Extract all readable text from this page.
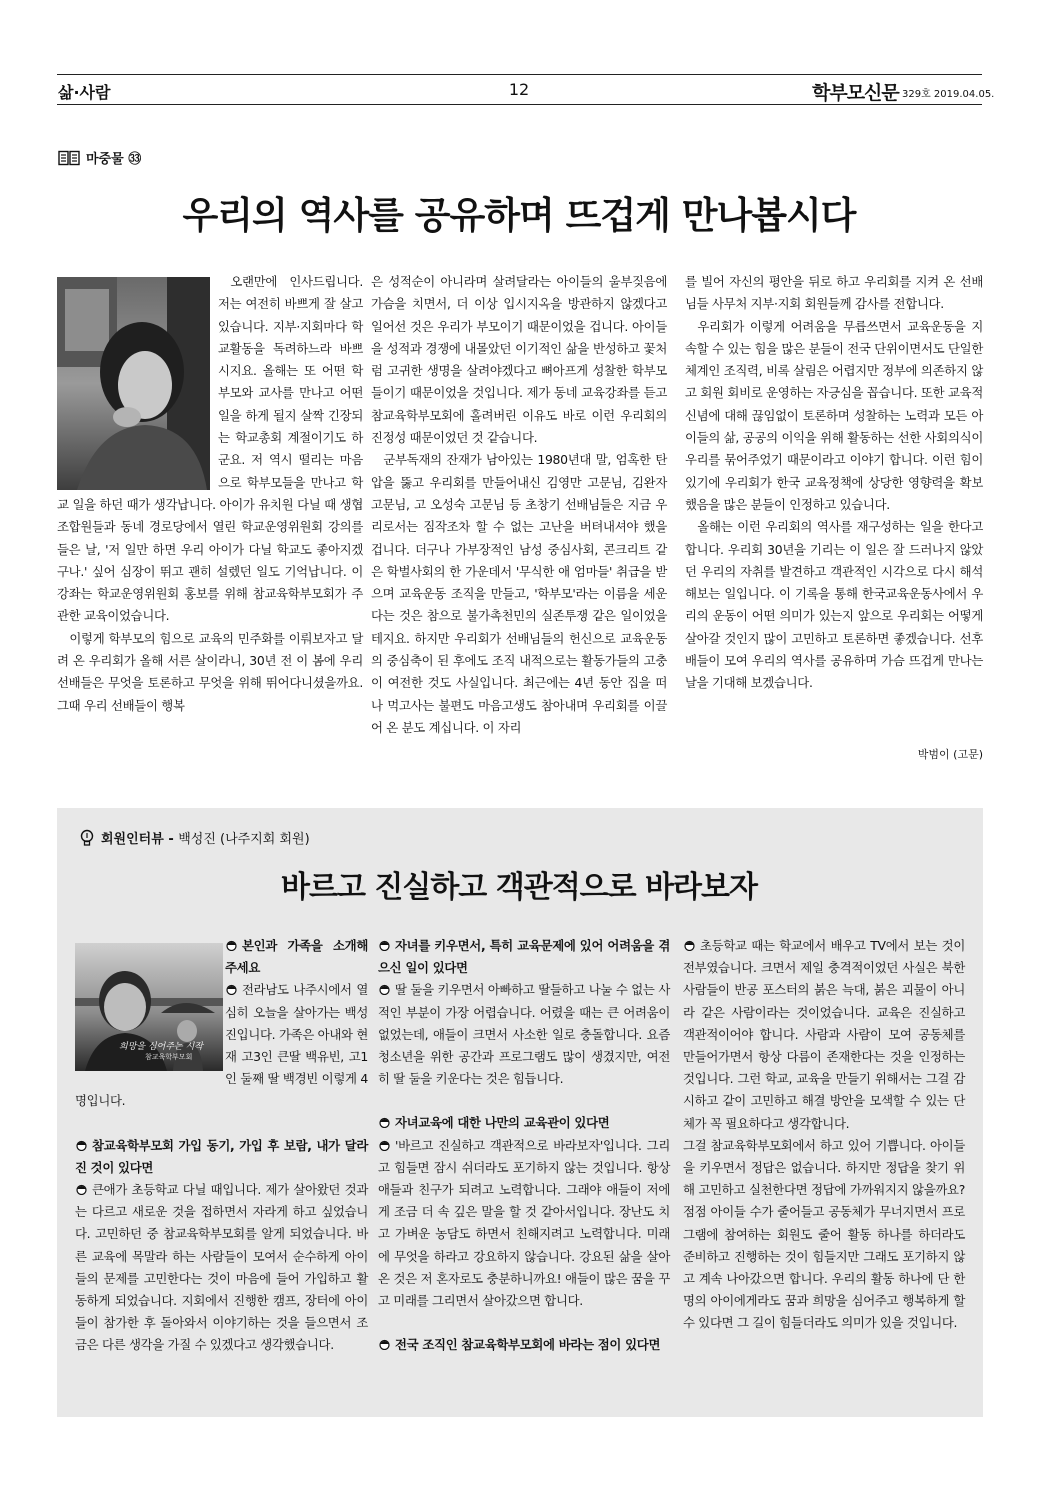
삶·사람	12	학부모신문 329호 2019.04.05.
마중물 ㉝
우리의 역사를 공유하며 뜨겁게 만나봅시다

오랜만에 인사드립니다. 저는 여전히 바쁘게 잘 살고 있습니다. 지부·지회마다 학교활동을 독려하느라 바쁘시지요. 올해는 또 어떤 학부모와 교사를 만나고 어떤 일을 하게 될지 살짝 긴장되는 학교총회 계절이기도 하군요. 저 역시 떨리는 마음으로 학부모들을 만나고 학교 일을 하던 때가 생각납니다. 아이가 유치원 다닐 때 생협 조합원들과 동네 경로당에서 열린 학교운영위원회 강의를 들은 날, '저 일만 하면 우리 아이가 다닐 학교도 좋아지겠구나.' 싶어 심장이 뛰고 괜히 설렜던 일도 기억납니다. 이 강좌는 학교운영위원회 홍보를 위해 참교육학부모회가 주관한 교육이었습니다.

이렇게 학부모의 힘으로 교육의 민주화를 이뤄보자고 달려 온 우리회가 올해 서른 살이라니, 30년 전 이 봄에 우리 선배들은 무엇을 토론하고 무엇을 위해 뛰어다니셨을까요. 그때 우리 선배들이 행복

은 성적순이 아니라며 살려달라는 아이들의 울부짖음에 가슴을 치면서, 더 이상 입시지옥을 방관하지 않겠다고 일어선 것은 우리가 부모이기 때문이었을 겁니다. 아이들을 성적과 경쟁에 내몰았던 이기적인 삶을 반성하고 꽃처럼 고귀한 생명을 살려야겠다고 뼈아프게 성찰한 학부모들이기 때문이었을 것입니다. 제가 동네 교육강좌를 듣고 참교육학부모회에 홀려버린 이유도 바로 이런 우리회의 진정성 때문이었던 것 같습니다.

군부독재의 잔재가 남아있는 1980년대 말, 엄혹한 탄압을 뚫고 우리회를 만들어내신 김영만 고문님, 김완자 고문님, 고 오성숙 고문님 등 초창기 선배님들은 지금 우리로서는 짐작조차 할 수 없는 고난을 버텨내셔야 했을 겁니다. 더구나 가부장적인 남성 중심사회, 콘크리트 같은 학벌사회의 한 가운데서 '무식한 애 엄마들' 취급을 받으며 교육운동 조직을 만들고, '학부모'라는 이름을 세운다는 것은 참으로 불가촉천민의 실존투쟁 같은 일이었을 테지요. 하지만 우리회가 선배님들의 헌신으로 교육운동의 중심축이 된 후에도 조직 내적으로는 활동가들의 고충이 여전한 것도 사실입니다. 최근에는 4년 동안 집을 떠나 먹고사는 불편도 마음고생도 참아내며 우리회를 이끌어 온 분도 계십니다. 이 자리

를 빌어 자신의 평안을 뒤로 하고 우리회를 지켜 온 선배님들 사무처 지부·지회 회원들께 감사를 전합니다.

우리회가 이렇게 어려움을 무릅쓰면서 교육운동을 지속할 수 있는 힘을 많은 분들이 전국 단위이면서도 단일한 체계인 조직력, 비록 살림은 어렵지만 정부에 의존하지 않고 회원 회비로 운영하는 자긍심을 꼽습니다. 또한 교육적 신념에 대해 끊임없이 토론하며 성찰하는 노력과 모든 아이들의 삶, 공공의 이익을 위해 활동하는 선한 사회의식이 우리를 묶어주었기 때문이라고 이야기 합니다. 이런 힘이 있기에 우리회가 한국 교육정책에 상당한 영향력을 확보했음을 많은 분들이 인정하고 있습니다.

올해는 이런 우리회의 역사를 재구성하는 일을 한다고 합니다. 우리회 30년을 기리는 이 일은 잘 드러나지 않았던 우리의 자취를 발견하고 객관적인 시각으로 다시 해석해보는 일입니다. 이 기록을 통해 한국교육운동사에서 우리의 운동이 어떤 의미가 있는지 앞으로 우리회는 어떻게 살아갈 것인지 많이 고민하고 토론하면 좋겠습니다. 선후배들이 모여 우리의 역사를 공유하며 가슴 뜨겁게 만나는 날을 기대해 보겠습니다.

박범이 (고문)
회원인터뷰 - 백성진 (나주지회 회원)
바르고 진실하고 객관적으로 바라보자
희망을 심어주는 시작
참교육학부모회

본인과 가족을 소개해 주세요

전라남도 나주시에서 열심히 오늘을 살아가는 백성진입니다. 가족은 아내와 현재 고3인 큰딸 백유빈, 고1인 둘째 딸 백경빈 이렇게 4명입니다.

참교육학부모회 가입 동기, 가입 후 보람, 내가 달라진 것이 있다면

큰애가 초등학교 다닐 때입니다. 제가 살아왔던 것과는 다르고 새로운 것을 접하면서 자라게 하고 싶었습니다. 고민하던 중 참교육학부모회를 알게 되었습니다. 바른 교육에 목말라 하는 사람들이 모여서 순수하게 아이들의 문제를 고민한다는 것이 마음에 들어 가입하고 활동하게 되었습니다. 지회에서 진행한 캠프, 장터에 아이들이 참가한 후 돌아와서 이야기하는 것을 들으면서 조금은 다른 생각을 가질 수 있겠다고 생각했습니다.

자녀를 키우면서, 특히 교육문제에 있어 어려움을 겪으신 일이 있다면

딸 둘을 키우면서 아빠하고 딸들하고 나눌 수 없는 사적인 부분이 가장 어렵습니다. 어렸을 때는 큰 어려움이 없었는데, 애들이 크면서 사소한 일로 충돌합니다. 요즘 청소년을 위한 공간과 프로그램도 많이 생겼지만, 여전히 딸 둘을 키운다는 것은 힘듭니다.

자녀교육에 대한 나만의 교육관이 있다면

'바르고 진실하고 객관적으로 바라보자'입니다. 그리고 힘들면 잠시 쉬더라도 포기하지 않는 것입니다. 항상 애들과 친구가 되려고 노력합니다. 그래야 애들이 저에게 조금 더 속 깊은 말을 할 것 같아서입니다. 장난도 치고 가벼운 농담도 하면서 친해지려고 노력합니다. 미래에 무엇을 하라고 강요하지 않습니다. 강요된 삶을 살아온 것은 저 혼자로도 충분하니까요! 애들이 많은 꿈을 꾸고 미래를 그리면서 살아갔으면 합니다.

전국 조직인 참교육학부모회에 바라는 점이 있다면

초등학교 때는 학교에서 배우고 TV에서 보는 것이 전부였습니다. 크면서 제일 충격적이었던 사실은 북한 사람들이 반공 포스터의 붉은 늑대, 붉은 괴물이 아니라 같은 사람이라는 것이었습니다. 교육은 진실하고 객관적이어야 합니다. 사람과 사람이 모여 공동체를 만들어가면서 항상 다름이 존재한다는 것을 인정하는 것입니다. 그런 학교, 교육을 만들기 위해서는 그걸 감시하고 같이 고민하고 해결 방안을 모색할 수 있는 단체가 꼭 필요하다고 생각합니다.

그걸 참교육학부모회에서 하고 있어 기쁩니다. 아이들을 키우면서 정답은 없습니다. 하지만 정답을 찾기 위해 고민하고 실천한다면 정답에 가까워지지 않을까요? 점점 아이들 수가 줄어들고 공동체가 무너지면서 프로그램에 참여하는 회원도 줄어 활동 하나를 하더라도 준비하고 진행하는 것이 힘들지만 그래도 포기하지 않고 계속 나아갔으면 합니다. 우리의 활동 하나에 단 한 명의 아이에게라도 꿈과 희망을 심어주고 행복하게 할 수 있다면 그 길이 힘들더라도 의미가 있을 것입니다.
